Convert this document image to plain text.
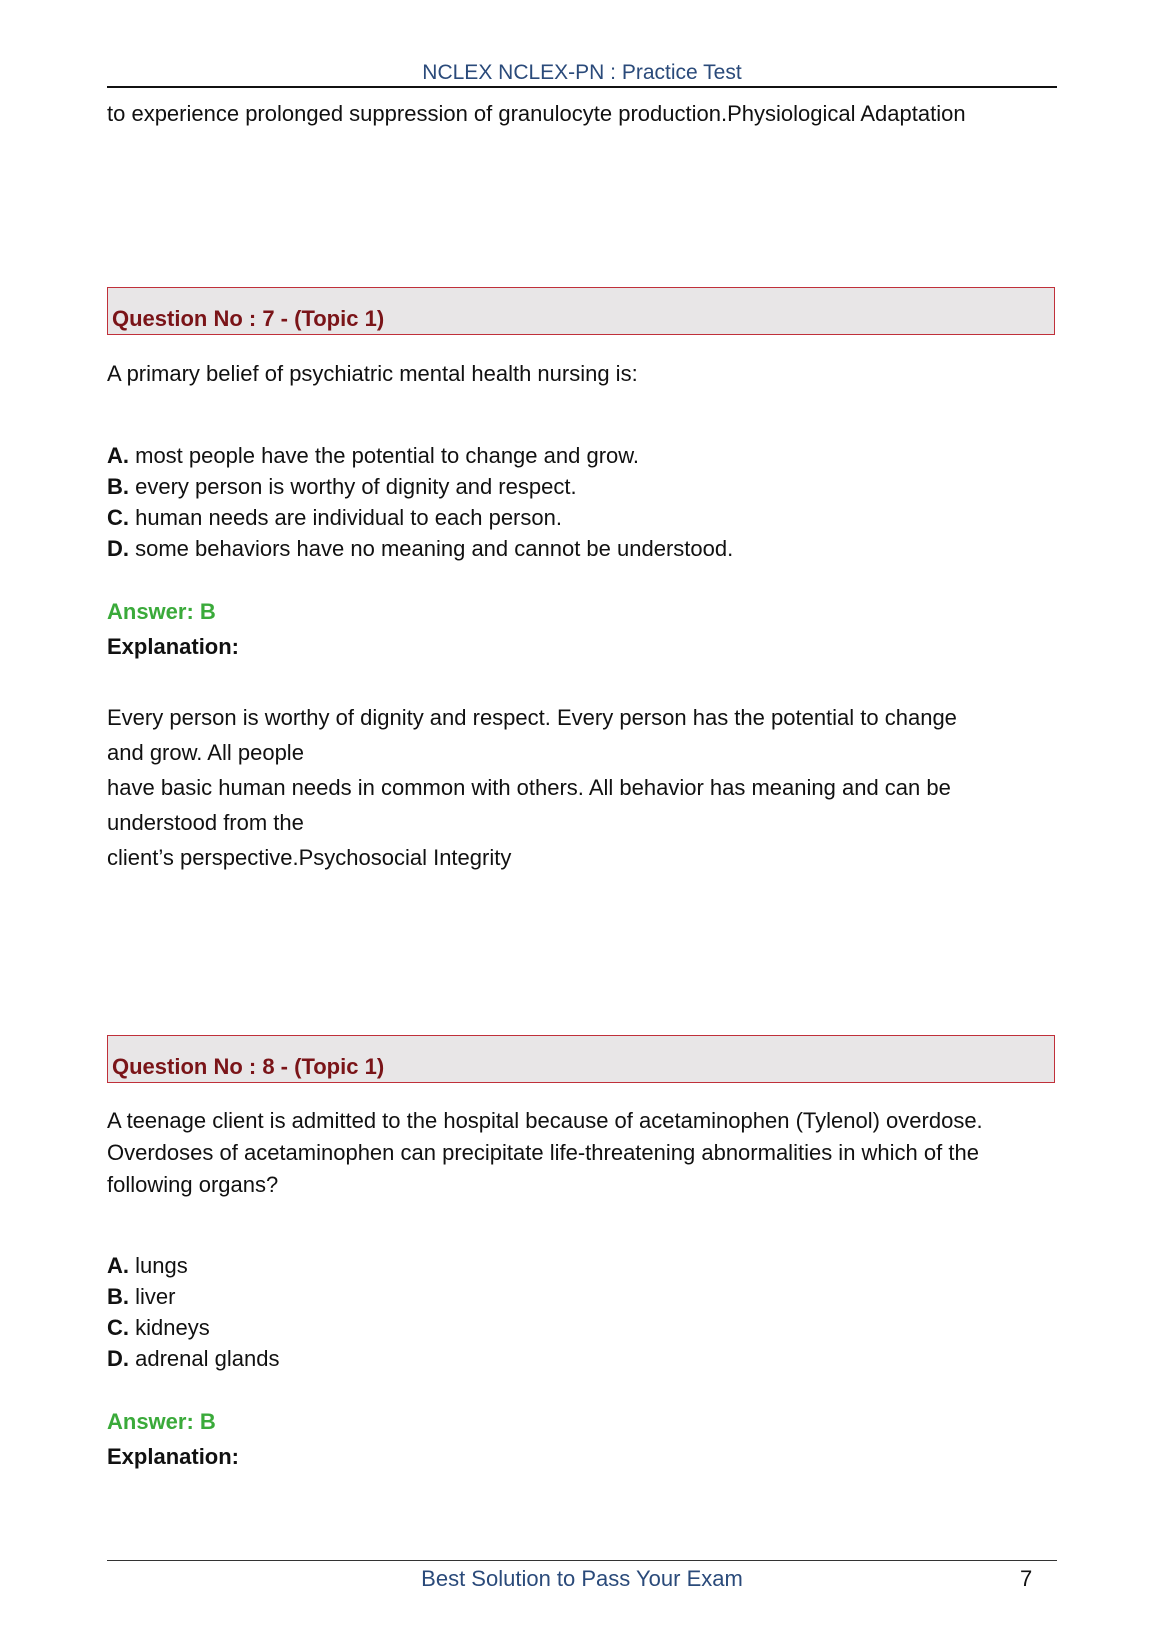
NCLEX NCLEX-PN : Practice Test
to experience prolonged suppression of granulocyte production.Physiological Adaptation
Question No : 7 - (Topic 1)
A primary belief of psychiatric mental health nursing is:
A. most people have the potential to change and grow.
B. every person is worthy of dignity and respect.
C. human needs are individual to each person.
D. some behaviors have no meaning and cannot be understood.
Answer: B
Explanation:
Every person is worthy of dignity and respect. Every person has the potential to change
and grow. All people
have basic human needs in common with others. All behavior has meaning and can be
understood from the
client’s perspective.Psychosocial Integrity
Question No : 8 - (Topic 1)
A teenage client is admitted to the hospital because of acetaminophen (Tylenol) overdose.
Overdoses of acetaminophen can precipitate life-threatening abnormalities in which of the
following organs?
A. lungs
B. liver
C. kidneys
D. adrenal glands
Answer: B
Explanation:
Best Solution to Pass Your Exam	7
